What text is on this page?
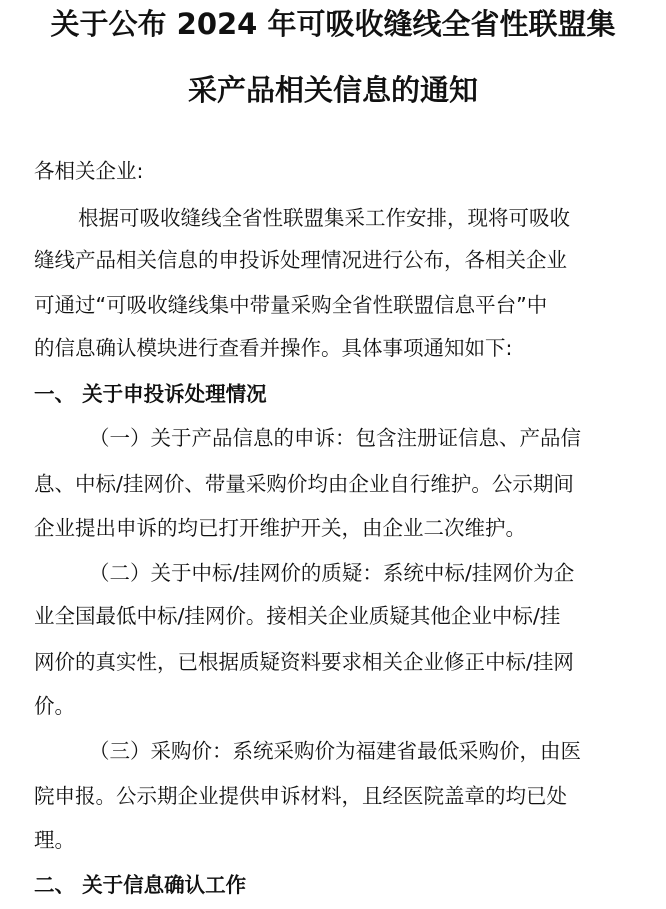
关于公布 2024 年可吸收缝线全省性联盟集
采产品相关信息的通知
各相关企业:
根据可吸收缝线全省性联盟集采工作安排，现将可吸收
缝线产品相关信息的申投诉处理情况进行公布，各相关企业
可通过“可吸收缝线集中带量采购全省性联盟信息平台”中
的信息确认模块进行查看并操作。具体事项通知如下:
一、 关于申投诉处理情况
（一）关于产品信息的申诉：包含注册证信息、产品信
息、中标/挂网价、带量采购价均由企业自行维护。公示期间
企业提出申诉的均已打开维护开关，由企业二次维护。
（二）关于中标/挂网价的质疑：系统中标/挂网价为企
业全国最低中标/挂网价。接相关企业质疑其他企业中标/挂
网价的真实性，已根据质疑资料要求相关企业修正中标/挂网
价。
（三）采购价：系统采购价为福建省最低采购价，由医
院申报。公示期企业提供申诉材料，且经医院盖章的均已处
理。
二、 关于信息确认工作
